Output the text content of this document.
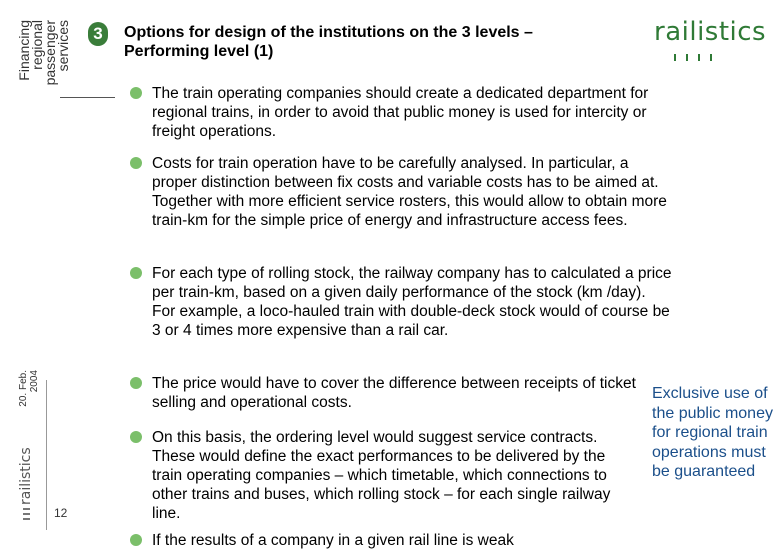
Financing
regional
passenger
services	3	Options for design of the institutions on the 3 levels – Performing level (1)
railistics
The train operating companies should create a dedicated department for regional trains, in order to avoid that public money is used for intercity or freight operations.
Costs for train operation have to be carefully analysed. In particular, a proper distinction between fix costs and variable costs has to be aimed at. Together with more efficient service rosters, this would allow to obtain more train-km for the simple price of energy and infrastructure access fees.
For each type of rolling stock, the railway company has to calculated a price per train-km, based on a given daily performance of the stock (km /day). For example, a loco-hauled train with double-deck stock would of course be 3 or 4 times more expensive than a rail car.
The price would have to cover the difference between receipts of ticket selling and operational costs.
On this basis, the ordering level would suggest service contracts. These would define the exact performances to be delivered by the train operating companies – which timetable, which connections to other trains and buses, which rolling stock – for each single railway line.
If the results of a company in a given rail line is weak
Exclusive use of the public money for regional train operations must be guaranteed
20. Feb. 2004
railistics
12
